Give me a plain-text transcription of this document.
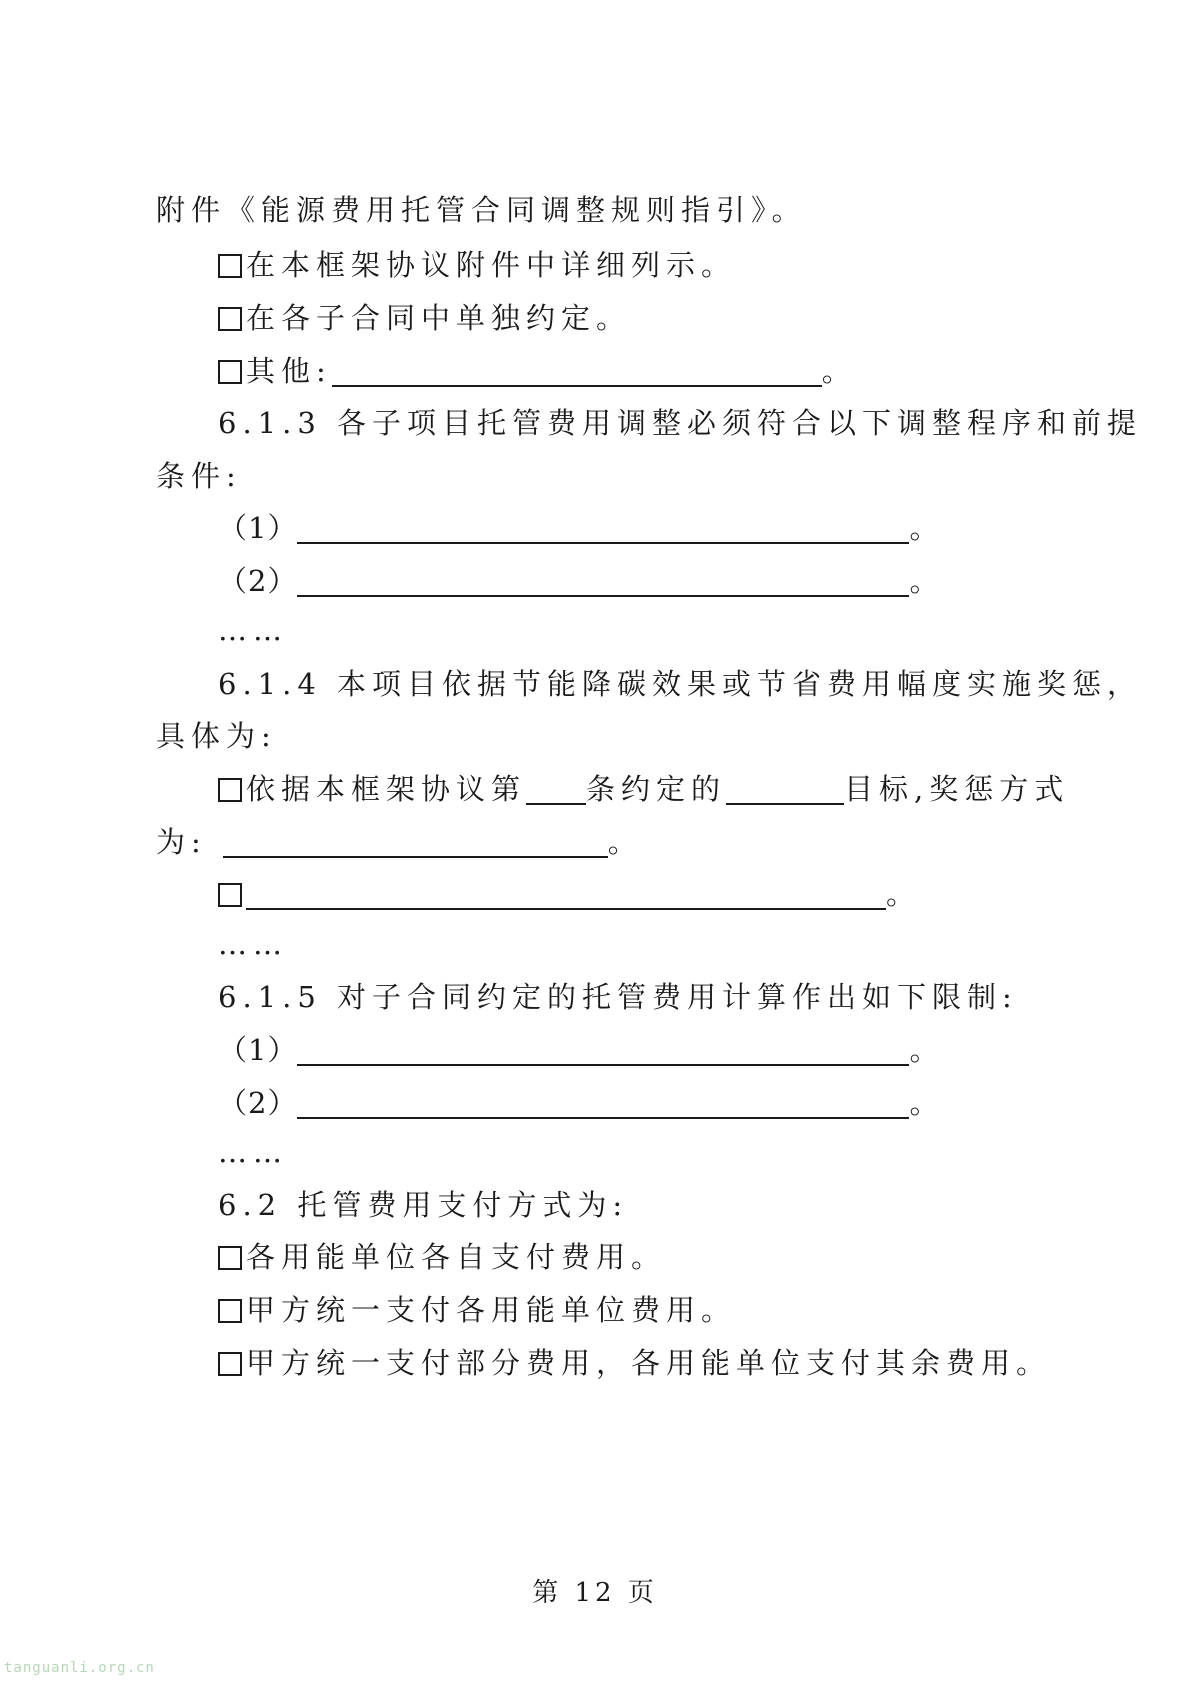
附件《能源费用托管合同调整规则指引》。
在本框架协议附件中详细列示。
在各子合同中单独约定。
其他:	。
6.1.3 各子项目托管费用调整必须符合以下调整程序和前提
条件:
（1）	。
（2）	。
……
6.1.4 本项目依据节能降碳效果或节省费用幅度实施奖惩，
具体为:
依据本框架协议第 条约定的	目标,奖惩方式
为:	。
。
……
6.1.5 对子合同约定的托管费用计算作出如下限制:
（1）	。
（2）	。
……
6.2 托管费用支付方式为:
各用能单位各自支付费用。
甲方统一支付各用能单位费用。
甲方统一支付部分费用，各用能单位支付其余费用。
第 12 页
tanguanli.org.cn
